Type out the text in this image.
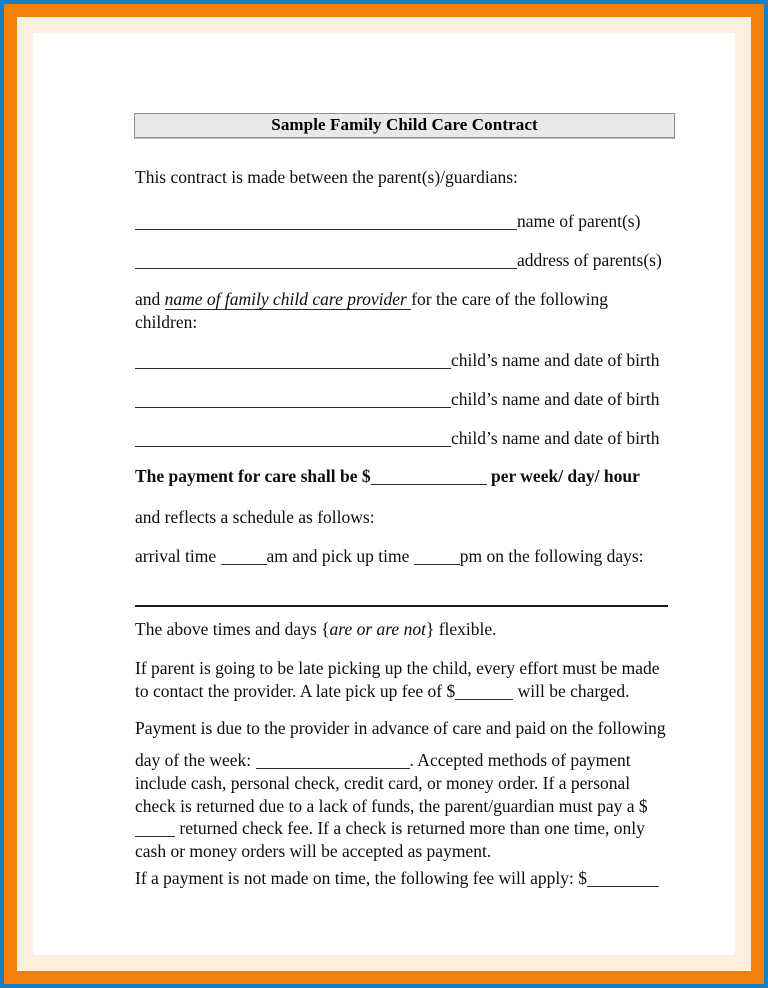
Sample Family Child Care Contract

This contract is made between the parent(s)/guardians:

name of parent(s)

address of parents(s)

and name of family child care provider for the care of the following
children:

child’s name and date of birth

child’s name and date of birth

child’s name and date of birth

The payment for care shall be $	per week/ day/ hour

and reflects a schedule as follows:

arrival time	am and pick up time	pm on the following days:

The above times and days {are or are not} flexible.

If parent is going to be late picking up the child, every effort must be made to contact the provider. A late pick up fee of $	will be charged.

Payment is due to the provider in advance of care and paid on the following

day of the week:	. Accepted methods of payment include cash, personal check, credit card, or money order. If a personal check is returned due to a lack of funds, the parent/guardian must pay a $ returned check fee. If a check is returned more than one time, only cash or money orders will be accepted as payment.

If a payment is not made on time, the following fee will apply: $
